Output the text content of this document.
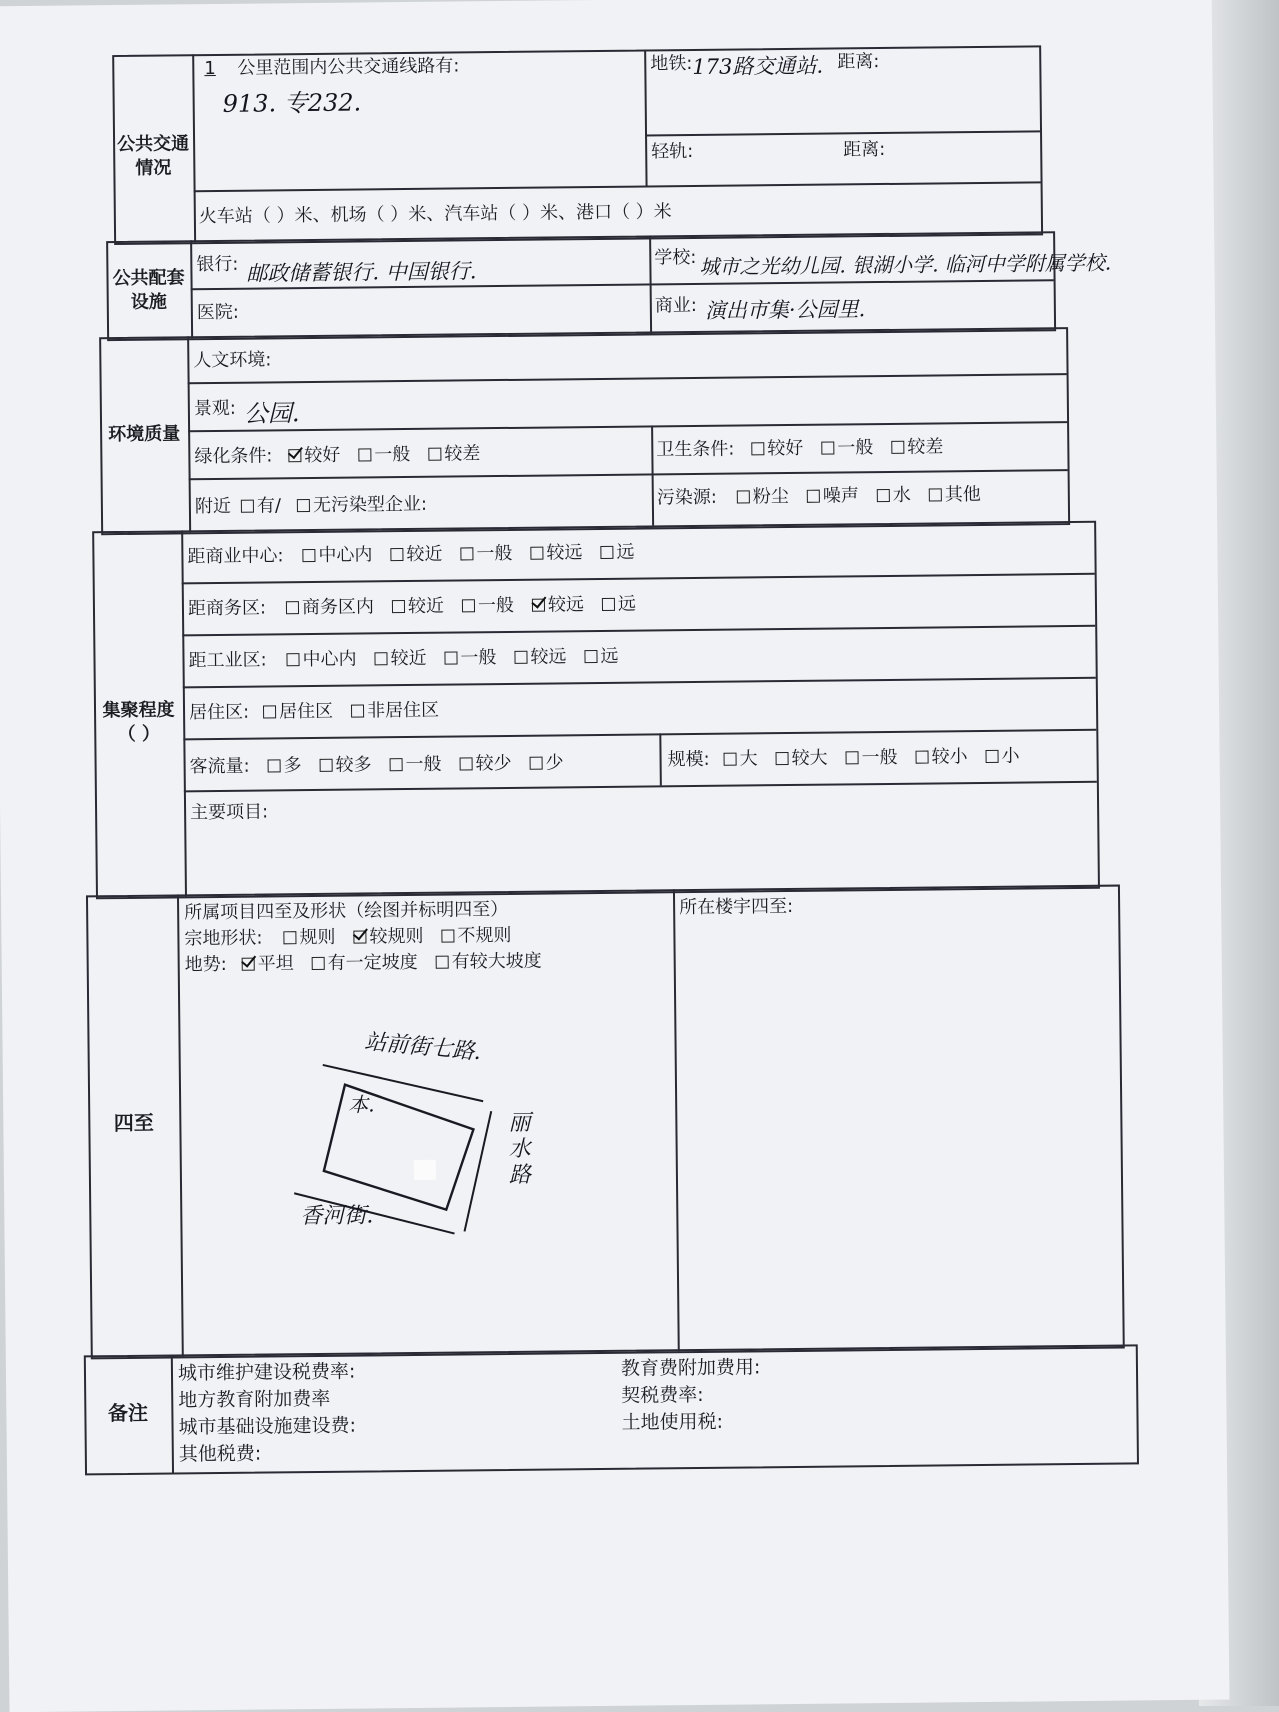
公共交通
情况
1 公里范围内公共交通线路有:
913. 专232.
地铁: 173路交通站. 距离:
轻轨:	距离:
火车站（ ）米、机场（ ）米、汽车站（ ）米、港口（ ）米
公共配套
设施
银行: 邮政储蓄银行. 中国银行.
学校: 城市之光幼儿园. 银湖小学. 临河中学附属学校.
医院:	商业: 演出市集·公园里.
环境质量
人文环境:
景观: 公园.
绿化条件:	较好 一般 较差	卫生条件:	较好 一般 较差
附近	有/	无污染型企业:	污染源:	粉尘 噪声 水 其他
集聚程度
（ ）
距商业中心:	中心内 较近 一般 较远 远
距商务区:	商务区内 较近 一般 较远 远
距工业区:	中心内 较近 一般 较远 远
居住区:	居住区 非居住区
客流量:	多 较多 一般 较少 少	规模:	大 较大 一般 较小 小
主要项目:
四至
所属项目四至及形状（绘图并标明四至）
宗地形状:	规则 较规则 不规则
地势:	平坦 有一定坡度 有较大坡度
所在楼宇四至:
站前街七路.
丽水路
香河街.
本.
备注
城市维护建设税费率:
地方教育附加费率
城市基础设施建设费:
其他税费:
教育费附加费用:
契税费率:
土地使用税:
